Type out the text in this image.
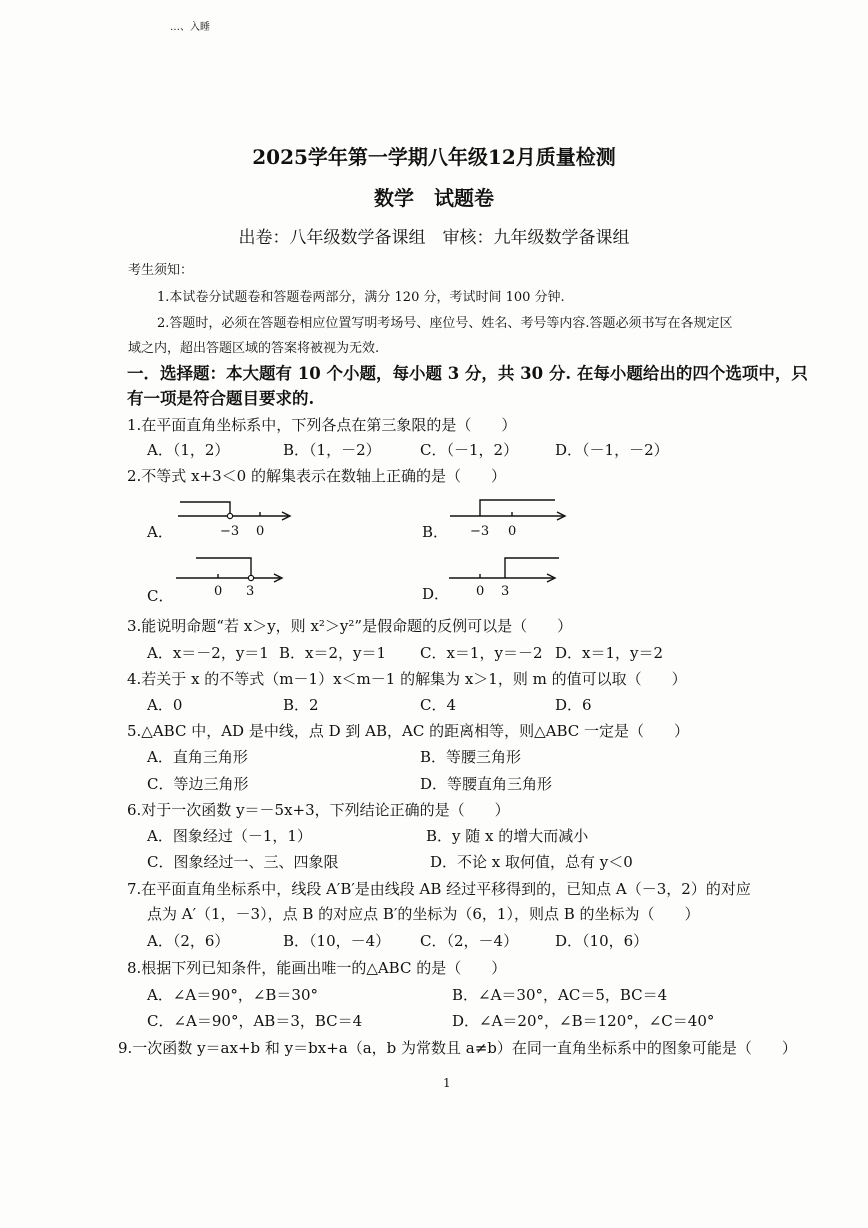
…、入睡
2025学年第一学期八年级12月质量检测
数学　试题卷
出卷：八年级数学备课组　审核：九年级数学备课组
考生须知：
1.本试卷分试题卷和答题卷两部分，满分 120 分，考试时间 100 分钟.
2.答题时，必须在答题卷相应位置写明考场号、座位号、姓名、考号等内容.答题必须书写在各规定区
域之内，超出答题区域的答案将被视为无效.
一．选择题：本大题有 10 个小题，每小题 3 分，共 30 分. 在每小题给出的四个选项中，只
有一项是符合题目要求的.
1.在平面直角坐标系中，下列各点在第三象限的是（　　）
A．（1，2）	B．（1，－2）	C．（－1，2） D．（－1，－2）
2.不等式 x+3＜0 的解集表示在数轴上正确的是（　　）
A．	−3 0	B． −3 0
C．	0 3	D． 0 3
3.能说明命题“若 x＞y，则 x²＞y²”是假命题的反例可以是（　　）
A．x＝－2，y＝1 B．x＝2，y＝1 C．x＝1，y＝－2 D．x＝1，y＝2
4.若关于 x 的不等式（m－1）x＜m－1 的解集为 x＞1，则 m 的值可以取（　　）
A．0	B．2	C．4	D．6
5.△ABC 中，AD 是中线，点 D 到 AB，AC 的距离相等，则△ABC 一定是（　　）
A．直角三角形	B．等腰三角形
C．等边三角形	D．等腰直角三角形
6.对于一次函数 y＝－5x+3，下列结论正确的是（　　）
A．图象经过（－1，1）	B．y 随 x 的增大而减小
C．图象经过一、三、四象限	D．不论 x 取何值，总有 y＜0
7.在平面直角坐标系中，线段 A′B′是由线段 AB 经过平移得到的，已知点 A（－3，2）的对应
点为 A′（1，－3），点 B 的对应点 B′的坐标为（6，1），则点 B 的坐标为（　　）
A．（2，6）	B．（10，－4） C．（2，－4） D．（10，6）
8.根据下列已知条件，能画出唯一的△ABC 的是（　　）
A．∠A＝90°，∠B＝30°	B．∠A＝30°，AC＝5，BC＝4
C．∠A＝90°，AB＝3，BC＝4	D．∠A＝20°，∠B＝120°，∠C＝40°
9.一次函数 y＝ax+b 和 y＝bx+a（a，b 为常数且 a≠b）在同一直角坐标系中的图象可能是（　　）
1
